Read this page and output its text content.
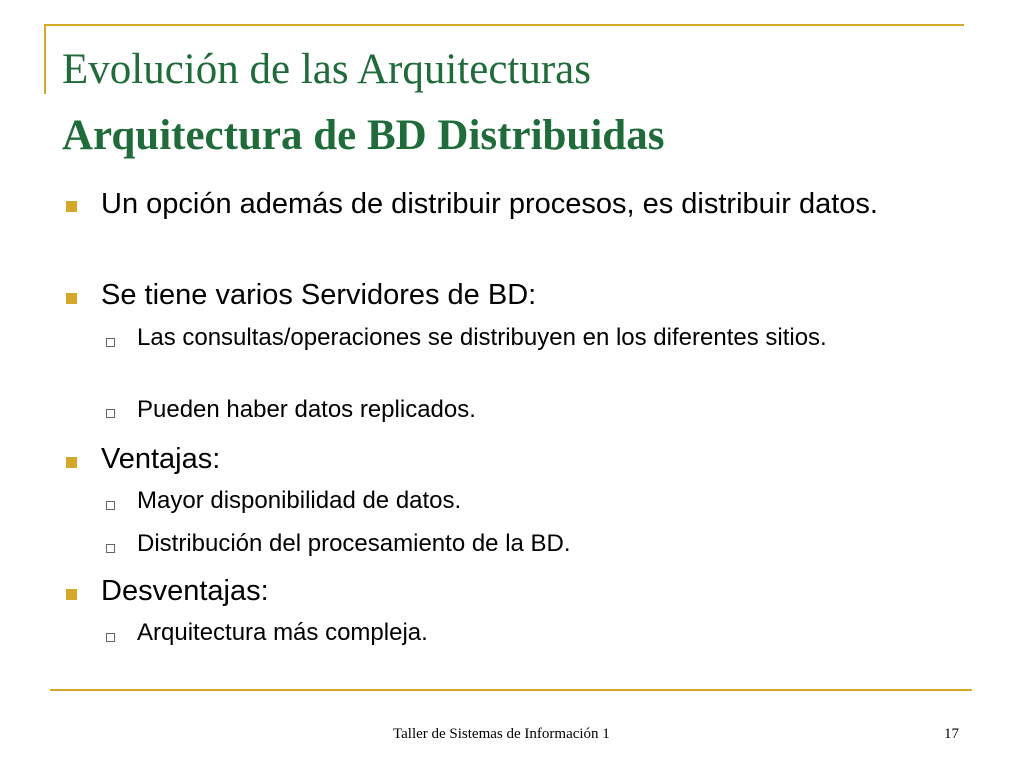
Evolución de las Arquitecturas
Arquitectura de BD Distribuidas
Un opción además de distribuir procesos, es distribuir datos.
Se tiene varios Servidores de BD:
Las consultas/operaciones se distribuyen en los diferentes sitios.
Pueden haber datos replicados.
Ventajas:
Mayor disponibilidad de datos.
Distribución del procesamiento de la BD.
Desventajas:
Arquitectura más compleja.
Taller de Sistemas de Información 1	17
